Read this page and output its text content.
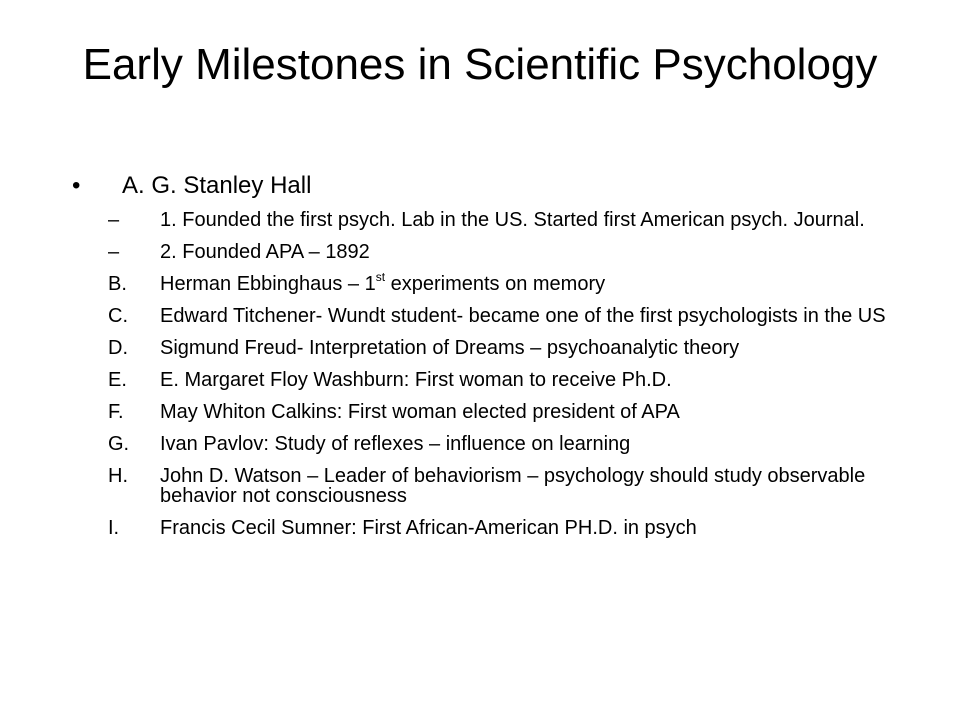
Early Milestones in Scientific Psychology
• A. G. Stanley Hall
–	1. Founded the first psych. Lab in the US. Started first American psych. Journal.
–	2. Founded APA – 1892
B.	Herman Ebbinghaus – 1st experiments on memory
C.	Edward Titchener- Wundt student- became one of the first psychologists in the US
D.	Sigmund Freud- Interpretation of Dreams – psychoanalytic theory
E.	E. Margaret Floy Washburn: First woman to receive Ph.D.
F.	May Whiton Calkins: First woman elected president of APA
G.	Ivan Pavlov: Study of reflexes – influence on learning
H.	John D. Watson – Leader of behaviorism – psychology should study observable behavior not consciousness
I.	Francis Cecil Sumner: First African-American PH.D. in psych
